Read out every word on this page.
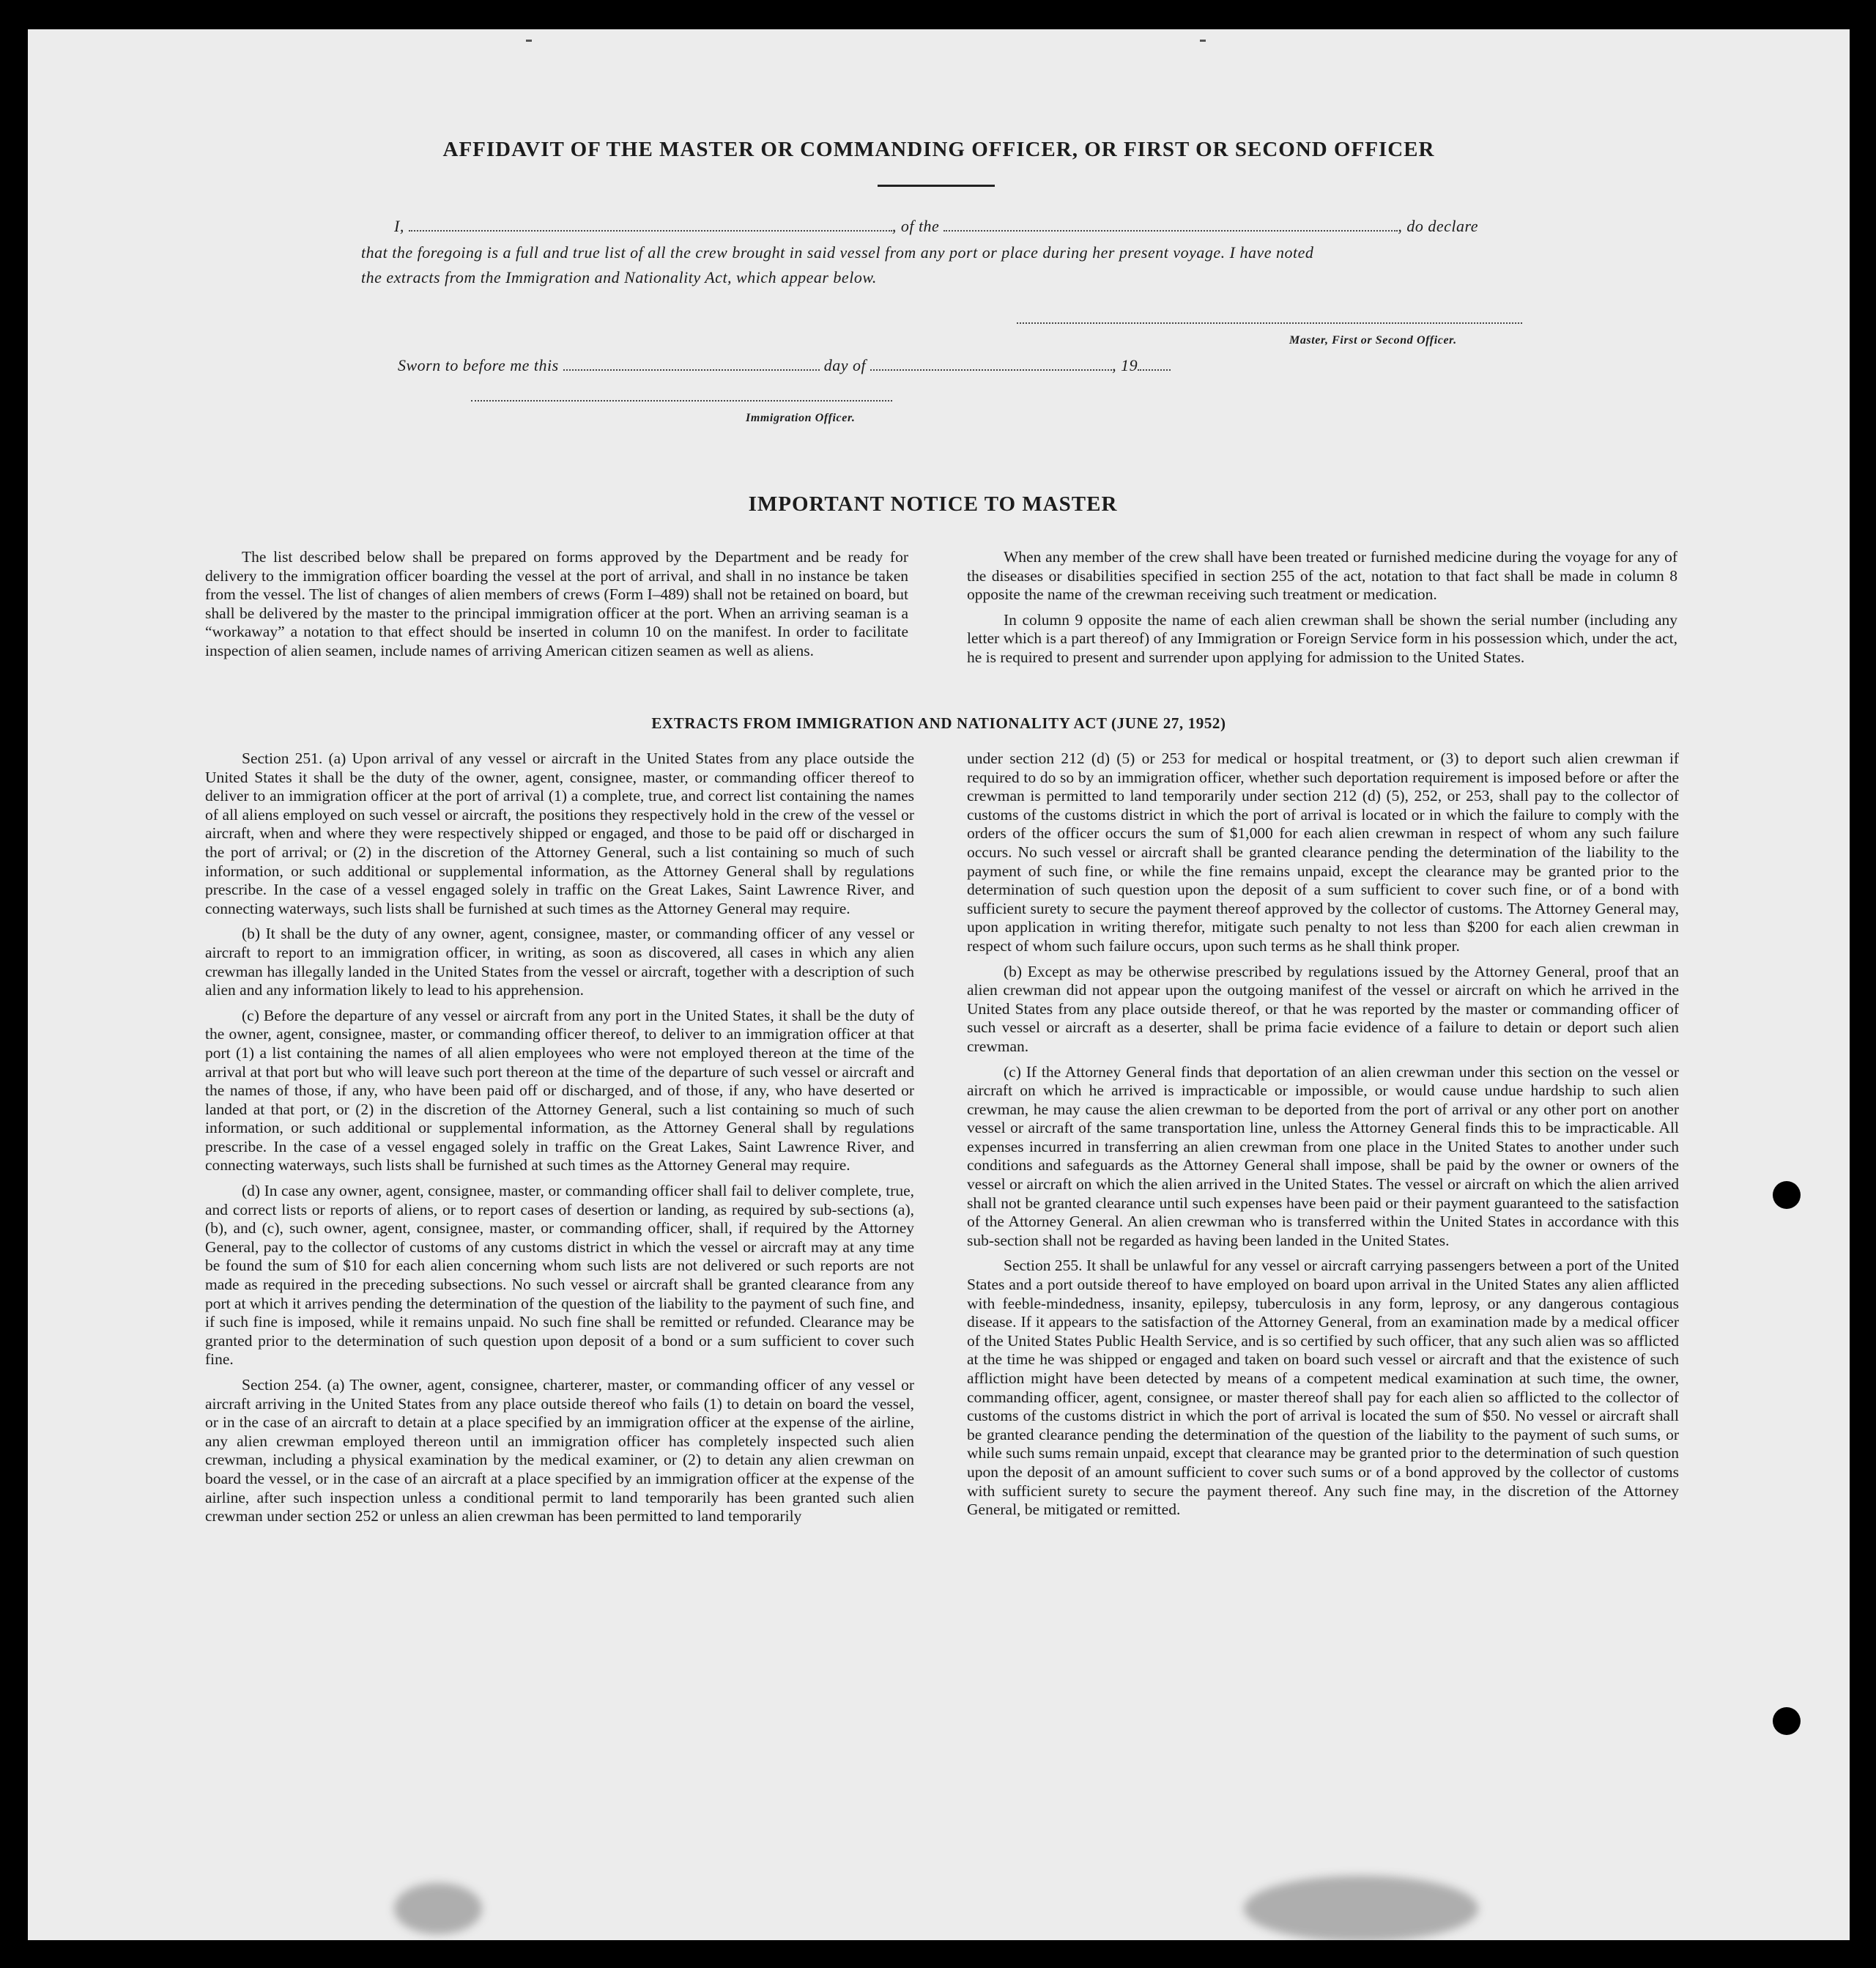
AFFIDAVIT OF THE MASTER OR COMMANDING OFFICER, OR FIRST OR SECOND OFFICER
I,	, of the	, do declare
that the foregoing is a full and true list of all the crew brought in said vessel from any port or place during her present voyage. I have noted
the extracts from the Immigration and Nationality Act, which appear below.
Master, First or Second Officer.
Sworn to before me this	day of	, 19
Immigration Officer.
IMPORTANT NOTICE TO MASTER

The list described below shall be prepared on forms approved by the Department and be ready for delivery to the immigration officer boarding the vessel at the port of arrival, and shall in no instance be taken from the vessel. The list of changes of alien members of crews (Form I–489) shall not be retained on board, but shall be delivered by the master to the principal immigration officer at the port. When an arriving seaman is a “workaway” a notation to that effect should be inserted in column 10 on the manifest. In order to facilitate inspection of alien seamen, include names of arriving American citizen seamen as well as aliens.

When any member of the crew shall have been treated or furnished medicine during the voyage for any of the diseases or disabilities specified in section 255 of the act, notation to that fact shall be made in column 8 opposite the name of the crewman receiving such treatment or medication.

In column 9 opposite the name of each alien crewman shall be shown the serial number (including any letter which is a part thereof) of any Immigration or Foreign Service form in his possession which, under the act, he is required to present and surrender upon applying for admission to the United States.

EXTRACTS FROM IMMIGRATION AND NATIONALITY ACT (JUNE 27, 1952)

Section 251. (a) Upon arrival of any vessel or aircraft in the United States from any place outside the United States it shall be the duty of the owner, agent, consignee, master, or commanding officer thereof to deliver to an immigration officer at the port of arrival (1) a complete, true, and correct list containing the names of all aliens employed on such vessel or aircraft, the positions they respectively hold in the crew of the vessel or aircraft, when and where they were respectively shipped or engaged, and those to be paid off or discharged in the port of arrival; or (2) in the discretion of the Attorney General, such a list containing so much of such information, or such additional or supplemental information, as the Attorney General shall by regulations prescribe. In the case of a vessel engaged solely in traffic on the Great Lakes, Saint Lawrence River, and connecting waterways, such lists shall be furnished at such times as the Attorney General may require.

(b) It shall be the duty of any owner, agent, consignee, master, or commanding officer of any vessel or aircraft to report to an immigration officer, in writing, as soon as discovered, all cases in which any alien crewman has illegally landed in the United States from the vessel or aircraft, together with a description of such alien and any information likely to lead to his apprehension.

(c) Before the departure of any vessel or aircraft from any port in the United States, it shall be the duty of the owner, agent, consignee, master, or commanding officer thereof, to deliver to an immigration officer at that port (1) a list containing the names of all alien employees who were not employed thereon at the time of the arrival at that port but who will leave such port thereon at the time of the departure of such vessel or aircraft and the names of those, if any, who have been paid off or discharged, and of those, if any, who have deserted or landed at that port, or (2) in the discretion of the Attorney General, such a list containing so much of such information, or such additional or supplemental information, as the Attorney General shall by regulations prescribe. In the case of a vessel engaged solely in traffic on the Great Lakes, Saint Lawrence River, and connecting waterways, such lists shall be furnished at such times as the Attorney General may require.

(d) In case any owner, agent, consignee, master, or commanding officer shall fail to deliver complete, true, and correct lists or reports of aliens, or to report cases of desertion or landing, as required by sub-sections (a), (b), and (c), such owner, agent, consignee, master, or commanding officer, shall, if required by the Attorney General, pay to the collector of customs of any customs district in which the vessel or aircraft may at any time be found the sum of $10 for each alien concerning whom such lists are not delivered or such reports are not made as required in the preceding subsections. No such vessel or aircraft shall be granted clearance from any port at which it arrives pending the determination of the question of the liability to the payment of such fine, and if such fine is imposed, while it remains unpaid. No such fine shall be remitted or refunded. Clearance may be granted prior to the determination of such question upon deposit of a bond or a sum sufficient to cover such fine.

Section 254. (a) The owner, agent, consignee, charterer, master, or commanding officer of any vessel or aircraft arriving in the United States from any place outside thereof who fails (1) to detain on board the vessel, or in the case of an aircraft to detain at a place specified by an immigration officer at the expense of the airline, any alien crewman employed thereon until an immigration officer has completely inspected such alien crewman, including a physical examination by the medical examiner, or (2) to detain any alien crewman on board the vessel, or in the case of an aircraft at a place specified by an immigration officer at the expense of the airline, after such inspection unless a conditional permit to land temporarily has been granted such alien crewman under section 252 or unless an alien crewman has been permitted to land temporarily

under section 212 (d) (5) or 253 for medical or hospital treatment, or (3) to deport such alien crewman if required to do so by an immigration officer, whether such deportation requirement is imposed before or after the crewman is permitted to land temporarily under section 212 (d) (5), 252, or 253, shall pay to the collector of customs of the customs district in which the port of arrival is located or in which the failure to comply with the orders of the officer occurs the sum of $1,000 for each alien crewman in respect of whom any such failure occurs. No such vessel or aircraft shall be granted clearance pending the determination of the liability to the payment of such fine, or while the fine remains unpaid, except the clearance may be granted prior to the determination of such question upon the deposit of a sum sufficient to cover such fine, or of a bond with sufficient surety to secure the payment thereof approved by the collector of customs. The Attorney General may, upon application in writing therefor, mitigate such penalty to not less than $200 for each alien crewman in respect of whom such failure occurs, upon such terms as he shall think proper.

(b) Except as may be otherwise prescribed by regulations issued by the Attorney General, proof that an alien crewman did not appear upon the outgoing manifest of the vessel or aircraft on which he arrived in the United States from any place outside thereof, or that he was reported by the master or commanding officer of such vessel or aircraft as a deserter, shall be prima facie evidence of a failure to detain or deport such alien crewman.

(c) If the Attorney General finds that deportation of an alien crewman under this section on the vessel or aircraft on which he arrived is impracticable or impossible, or would cause undue hardship to such alien crewman, he may cause the alien crewman to be deported from the port of arrival or any other port on another vessel or aircraft of the same transportation line, unless the Attorney General finds this to be impracticable. All expenses incurred in transferring an alien crewman from one place in the United States to another under such conditions and safeguards as the Attorney General shall impose, shall be paid by the owner or owners of the vessel or aircraft on which the alien arrived in the United States. The vessel or aircraft on which the alien arrived shall not be granted clearance until such expenses have been paid or their payment guaranteed to the satisfaction of the Attorney General. An alien crewman who is transferred within the United States in accordance with this sub-section shall not be regarded as having been landed in the United States.

Section 255. It shall be unlawful for any vessel or aircraft carrying passengers between a port of the United States and a port outside thereof to have employed on board upon arrival in the United States any alien afflicted with feeble-mindedness, insanity, epilepsy, tuberculosis in any form, leprosy, or any dangerous contagious disease. If it appears to the satisfaction of the Attorney General, from an examination made by a medical officer of the United States Public Health Service, and is so certified by such officer, that any such alien was so afflicted at the time he was shipped or engaged and taken on board such vessel or aircraft and that the existence of such affliction might have been detected by means of a competent medical examination at such time, the owner, commanding officer, agent, consignee, or master thereof shall pay for each alien so afflicted to the collector of customs of the customs district in which the port of arrival is located the sum of $50. No vessel or aircraft shall be granted clearance pending the determination of the question of the liability to the payment of such sums, or while such sums remain unpaid, except that clearance may be granted prior to the determination of such question upon the deposit of an amount sufficient to cover such sums or of a bond approved by the collector of customs with sufficient surety to secure the payment thereof. Any such fine may, in the discretion of the Attorney General, be mitigated or remitted.
